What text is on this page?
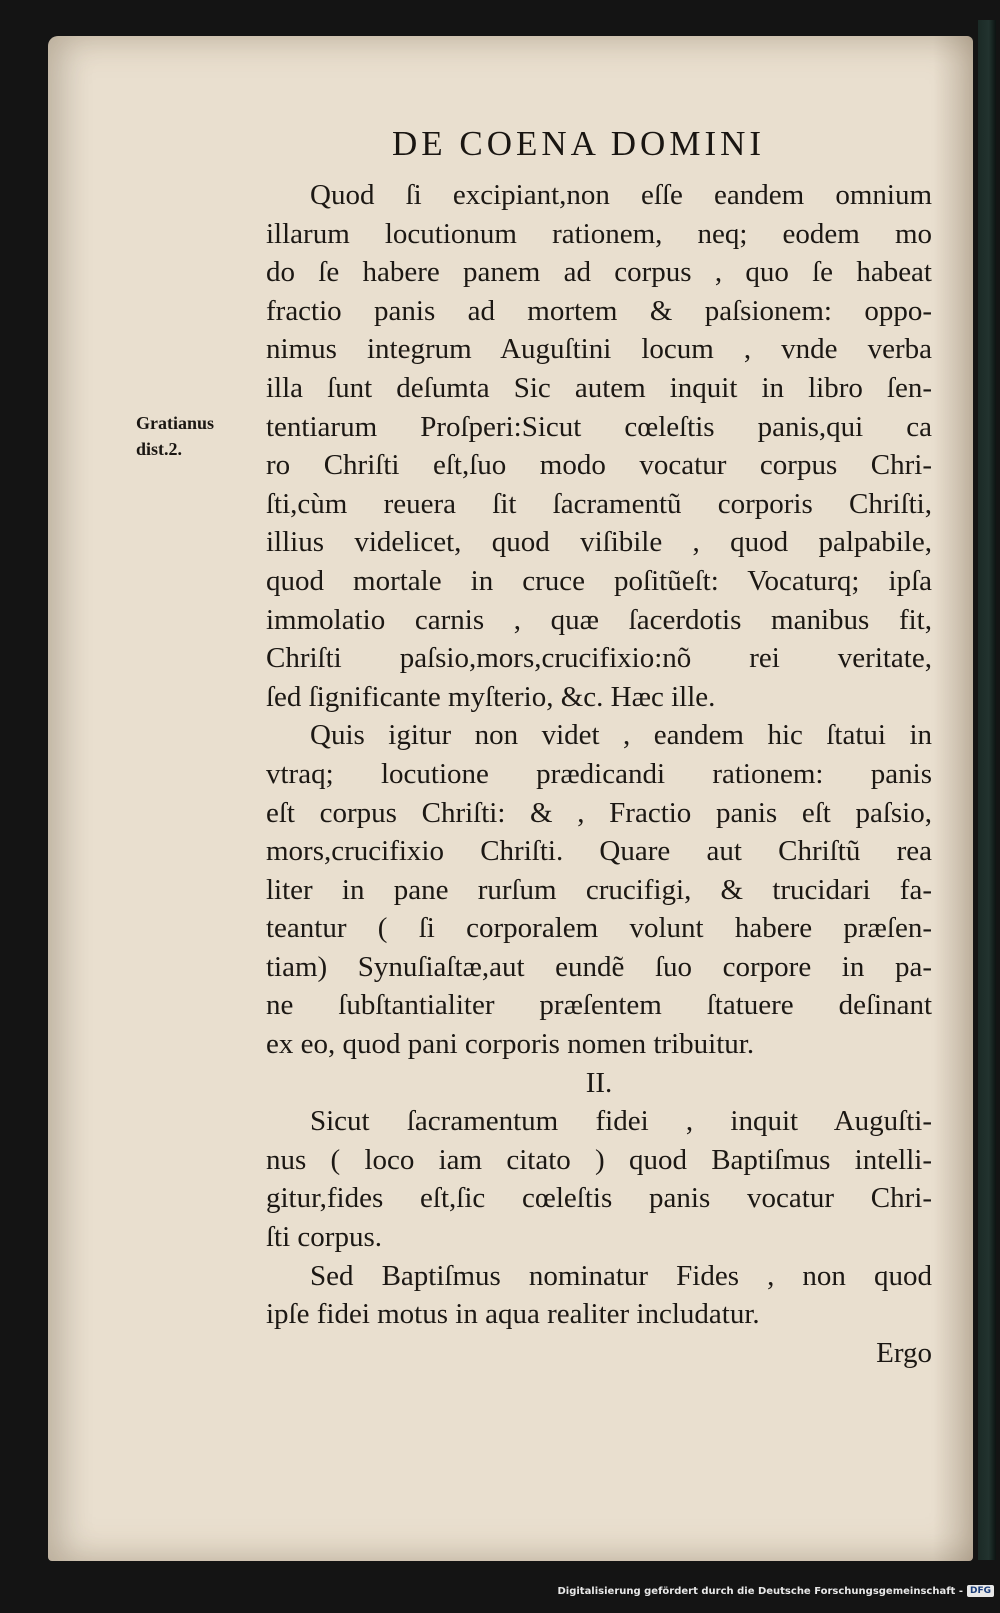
DE COENA DOMINI
Gratianus
dist.2.
Quod ſi excipiant,non eſſe eandem omnium
illarum locutionum rationem, neq; eodem mo
do ſe habere panem ad corpus , quo ſe habeat
fractio panis ad mortem & paſsionem: oppo-
nimus integrum Auguſtini locum , vnde verba
illa ſunt deſumta Sic autem inquit in libro ſen-
tentiarum Proſperi:Sicut cœleſtis panis,qui ca
ro Chriſti eſt,ſuo modo vocatur corpus Chri-
ſti,cùm reuera ſit ſacramentũ corporis Chriſti,
illius videlicet, quod viſibile , quod palpabile,
quod mortale in cruce poſitũeſt: Vocaturq; ipſa
immolatio carnis , quæ ſacerdotis manibus fit,
Chriſti paſsio,mors,crucifixio:nõ rei veritate,
ſed ſignificante myſterio, &c. Hæc ille.
Quis igitur non videt , eandem hic ſtatui in
vtraq; locutione prædicandi rationem: panis
eſt corpus Chriſti: & , Fractio panis eſt paſsio,
mors,crucifixio Chriſti. Quare aut Chriſtũ rea
liter in pane rurſum crucifigi, & trucidari fa-
teantur ( ſi corporalem volunt habere præſen-
tiam) Synuſiaſtæ,aut eundẽ ſuo corpore in pa-
ne ſubſtantialiter præſentem ſtatuere deſinant
ex eo, quod pani corporis nomen tribuitur.
II.
Sicut ſacramentum fidei , inquit Auguſti-
nus ( loco iam citato ) quod Baptiſmus intelli-
gitur,fides eſt,ſic cœleſtis panis vocatur Chri-
ſti corpus.
Sed Baptiſmus nominatur Fides , non quod
ipſe fidei motus in aqua realiter includatur.
Ergo
Digitalisierung gefördert durch die Deutsche Forschungsgemeinschaft - DFG
